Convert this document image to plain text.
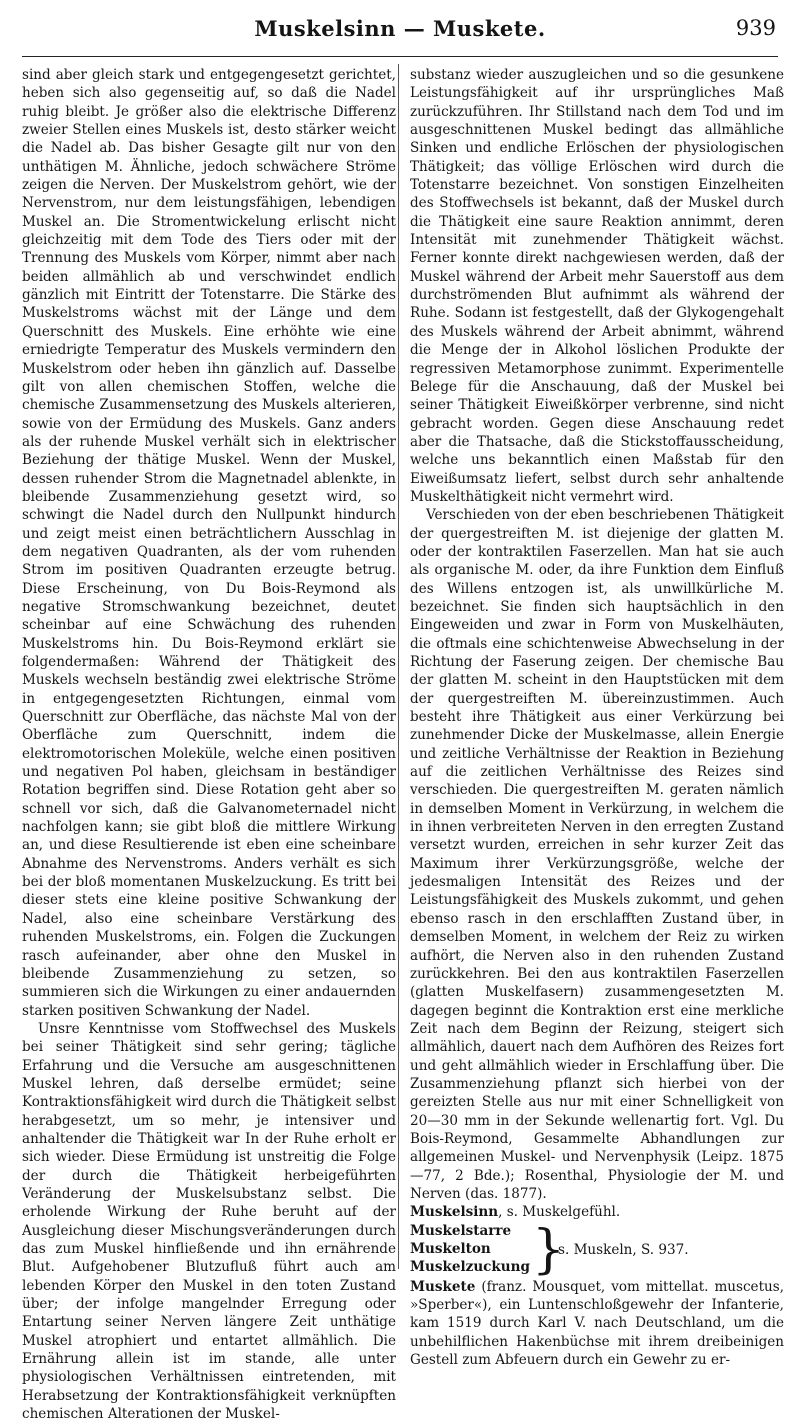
Muskelsinn — Muskete.	939

sind aber gleich stark und entgegengesetzt gerichtet, heben sich also gegenseitig auf, so daß die Nadel ruhig bleibt. Je größer also die elektrische Differenz zweier Stellen eines Muskels ist, desto stärker weicht die Nadel ab. Das bisher Gesagte gilt nur von den unthätigen M. Ähnliche, jedoch schwächere Ströme zeigen die Nerven. Der Muskelstrom gehört, wie der Nervenstrom, nur dem leistungsfähigen, lebendigen Muskel an. Die Stromentwickelung erlischt nicht gleichzeitig mit dem Tode des Tiers oder mit der Trennung des Muskels vom Körper, nimmt aber nach beiden allmählich ab und verschwindet endlich gänzlich mit Eintritt der Totenstarre. Die Stärke des Muskelstroms wächst mit der Länge und dem Querschnitt des Muskels. Eine erhöhte wie eine erniedrigte Temperatur des Muskels vermindern den Muskelstrom oder heben ihn gänzlich auf. Dasselbe gilt von allen chemischen Stoffen, welche die chemische Zusammensetzung des Muskels alterieren, sowie von der Ermüdung des Muskels. Ganz anders als der ruhende Muskel verhält sich in elektrischer Beziehung der thätige Muskel. Wenn der Muskel, dessen ruhender Strom die Magnetnadel ablenkte, in bleibende Zusammenziehung gesetzt wird, so schwingt die Nadel durch den Nullpunkt hindurch und zeigt meist einen beträchtlichern Ausschlag in dem negativen Quadranten, als der vom ruhenden Strom im positiven Quadranten erzeugte betrug. Diese Erscheinung, von Du Bois-Reymond als negative Stromschwankung bezeichnet, deutet scheinbar auf eine Schwächung des ruhenden Muskelstroms hin. Du Bois-Reymond erklärt sie folgendermaßen: Während der Thätigkeit des Muskels wechseln beständig zwei elektrische Ströme in entgegengesetzten Richtungen, einmal vom Querschnitt zur Oberfläche, das nächste Mal von der Oberfläche zum Querschnitt, indem die elektromotorischen Moleküle, welche einen positiven und negativen Pol haben, gleichsam in beständiger Rotation begriffen sind. Diese Rotation geht aber so schnell vor sich, daß die Galvanometernadel nicht nachfolgen kann; sie gibt bloß die mittlere Wirkung an, und diese Resultierende ist eben eine scheinbare Abnahme des Nervenstroms. Anders verhält es sich bei der bloß momentanen Muskelzuckung. Es tritt bei dieser stets eine kleine positive Schwankung der Nadel, also eine scheinbare Verstärkung des ruhenden Muskelstroms, ein. Folgen die Zuckungen rasch aufeinander, aber ohne den Muskel in bleibende Zusammenziehung zu setzen, so summieren sich die Wirkungen zu einer andauernden starken positiven Schwankung der Nadel.

Unsre Kenntnisse vom Stoffwechsel des Muskels bei seiner Thätigkeit sind sehr gering; tägliche Erfahrung und die Versuche am ausgeschnittenen Muskel lehren, daß derselbe ermüdet; seine Kontraktionsfähigkeit wird durch die Thätigkeit selbst herabgesetzt, um so mehr, je intensiver und anhaltender die Thätigkeit war In der Ruhe erholt er sich wieder. Diese Ermüdung ist unstreitig die Folge der durch die Thätigkeit herbeigeführten Veränderung der Muskelsubstanz selbst. Die erholende Wirkung der Ruhe beruht auf der Ausgleichung dieser Mischungsveränderungen durch das zum Muskel hinfließende und ihn ernährende Blut. Aufgehobener Blutzufluß führt auch am lebenden Körper den Muskel in den toten Zustand über; der infolge mangelnder Erregung oder Entartung seiner Nerven längere Zeit unthätige Muskel atrophiert und entartet allmählich. Die Ernährung allein ist im stande, alle unter physiologischen Verhältnissen eintretenden, mit Herabsetzung der Kontraktionsfähigkeit verknüpften chemischen Alterationen der Muskel-

substanz wieder auszugleichen und so die gesunkene Leistungsfähigkeit auf ihr ursprüngliches Maß zurückzuführen. Ihr Stillstand nach dem Tod und im ausgeschnittenen Muskel bedingt das allmähliche Sinken und endliche Erlöschen der physiologischen Thätigkeit; das völlige Erlöschen wird durch die Totenstarre bezeichnet. Von sonstigen Einzelheiten des Stoffwechsels ist bekannt, daß der Muskel durch die Thätigkeit eine saure Reaktion annimmt, deren Intensität mit zunehmender Thätigkeit wächst. Ferner konnte direkt nachgewiesen werden, daß der Muskel während der Arbeit mehr Sauerstoff aus dem durchströmenden Blut aufnimmt als während der Ruhe. Sodann ist festgestellt, daß der Glykogengehalt des Muskels während der Arbeit abnimmt, während die Menge der in Alkohol löslichen Produkte der regressiven Metamorphose zunimmt. Experimentelle Belege für die Anschauung, daß der Muskel bei seiner Thätigkeit Eiweißkörper verbrenne, sind nicht gebracht worden. Gegen diese Anschauung redet aber die Thatsache, daß die Stickstoffausscheidung, welche uns bekanntlich einen Maßstab für den Eiweißumsatz liefert, selbst durch sehr anhaltende Muskelthätigkeit nicht vermehrt wird.

Verschieden von der eben beschriebenen Thätigkeit der quergestreiften M. ist diejenige der glatten M. oder der kontraktilen Faserzellen. Man hat sie auch als organische M. oder, da ihre Funktion dem Einfluß des Willens entzogen ist, als unwillkürliche M. bezeichnet. Sie finden sich hauptsächlich in den Eingeweiden und zwar in Form von Muskelhäuten, die oftmals eine schichtenweise Abwechselung in der Richtung der Faserung zeigen. Der chemische Bau der glatten M. scheint in den Hauptstücken mit dem der quergestreiften M. übereinzustimmen. Auch besteht ihre Thätigkeit aus einer Verkürzung bei zunehmender Dicke der Muskelmasse, allein Energie und zeitliche Verhältnisse der Reaktion in Beziehung auf die zeitlichen Verhältnisse des Reizes sind verschieden. Die quergestreiften M. geraten nämlich in demselben Moment in Verkürzung, in welchem die in ihnen verbreiteten Nerven in den erregten Zustand versetzt wurden, erreichen in sehr kurzer Zeit das Maximum ihrer Verkürzungsgröße, welche der jedesmaligen Intensität des Reizes und der Leistungsfähigkeit des Muskels zukommt, und gehen ebenso rasch in den erschlafften Zustand über, in demselben Moment, in welchem der Reiz zu wirken aufhört, die Nerven also in den ruhenden Zustand zurückkehren. Bei den aus kontraktilen Faserzellen (glatten Muskelfasern) zusammengesetzten M. dagegen beginnt die Kontraktion erst eine merkliche Zeit nach dem Beginn der Reizung, steigert sich allmählich, dauert nach dem Aufhören des Reizes fort und geht allmählich wieder in Erschlaffung über. Die Zusammenziehung pflanzt sich hierbei von der gereizten Stelle aus nur mit einer Schnelligkeit von 20—30 mm in der Sekunde wellenartig fort. Vgl. Du Bois-Reymond, Gesammelte Abhandlungen zur allgemeinen Muskel- und Nervenphysik (Leipz. 1875—77, 2 Bde.); Rosenthal, Physiologie der M. und Nerven (das. 1877).

Muskelsinn, s. Muskelgefühl.

Muskelstarre
Muskelton
Muskelzuckung }
s. Muskeln, S. 937.

Muskete (franz. Mousquet, vom mittellat. muscetus, »Sperber«), ein Luntenschloßgewehr der Infanterie, kam 1519 durch Karl V. nach Deutschland, um die unbehilflichen Hakenbüchse mit ihrem dreibeinigen Gestell zum Abfeuern durch ein Gewehr zu er-
